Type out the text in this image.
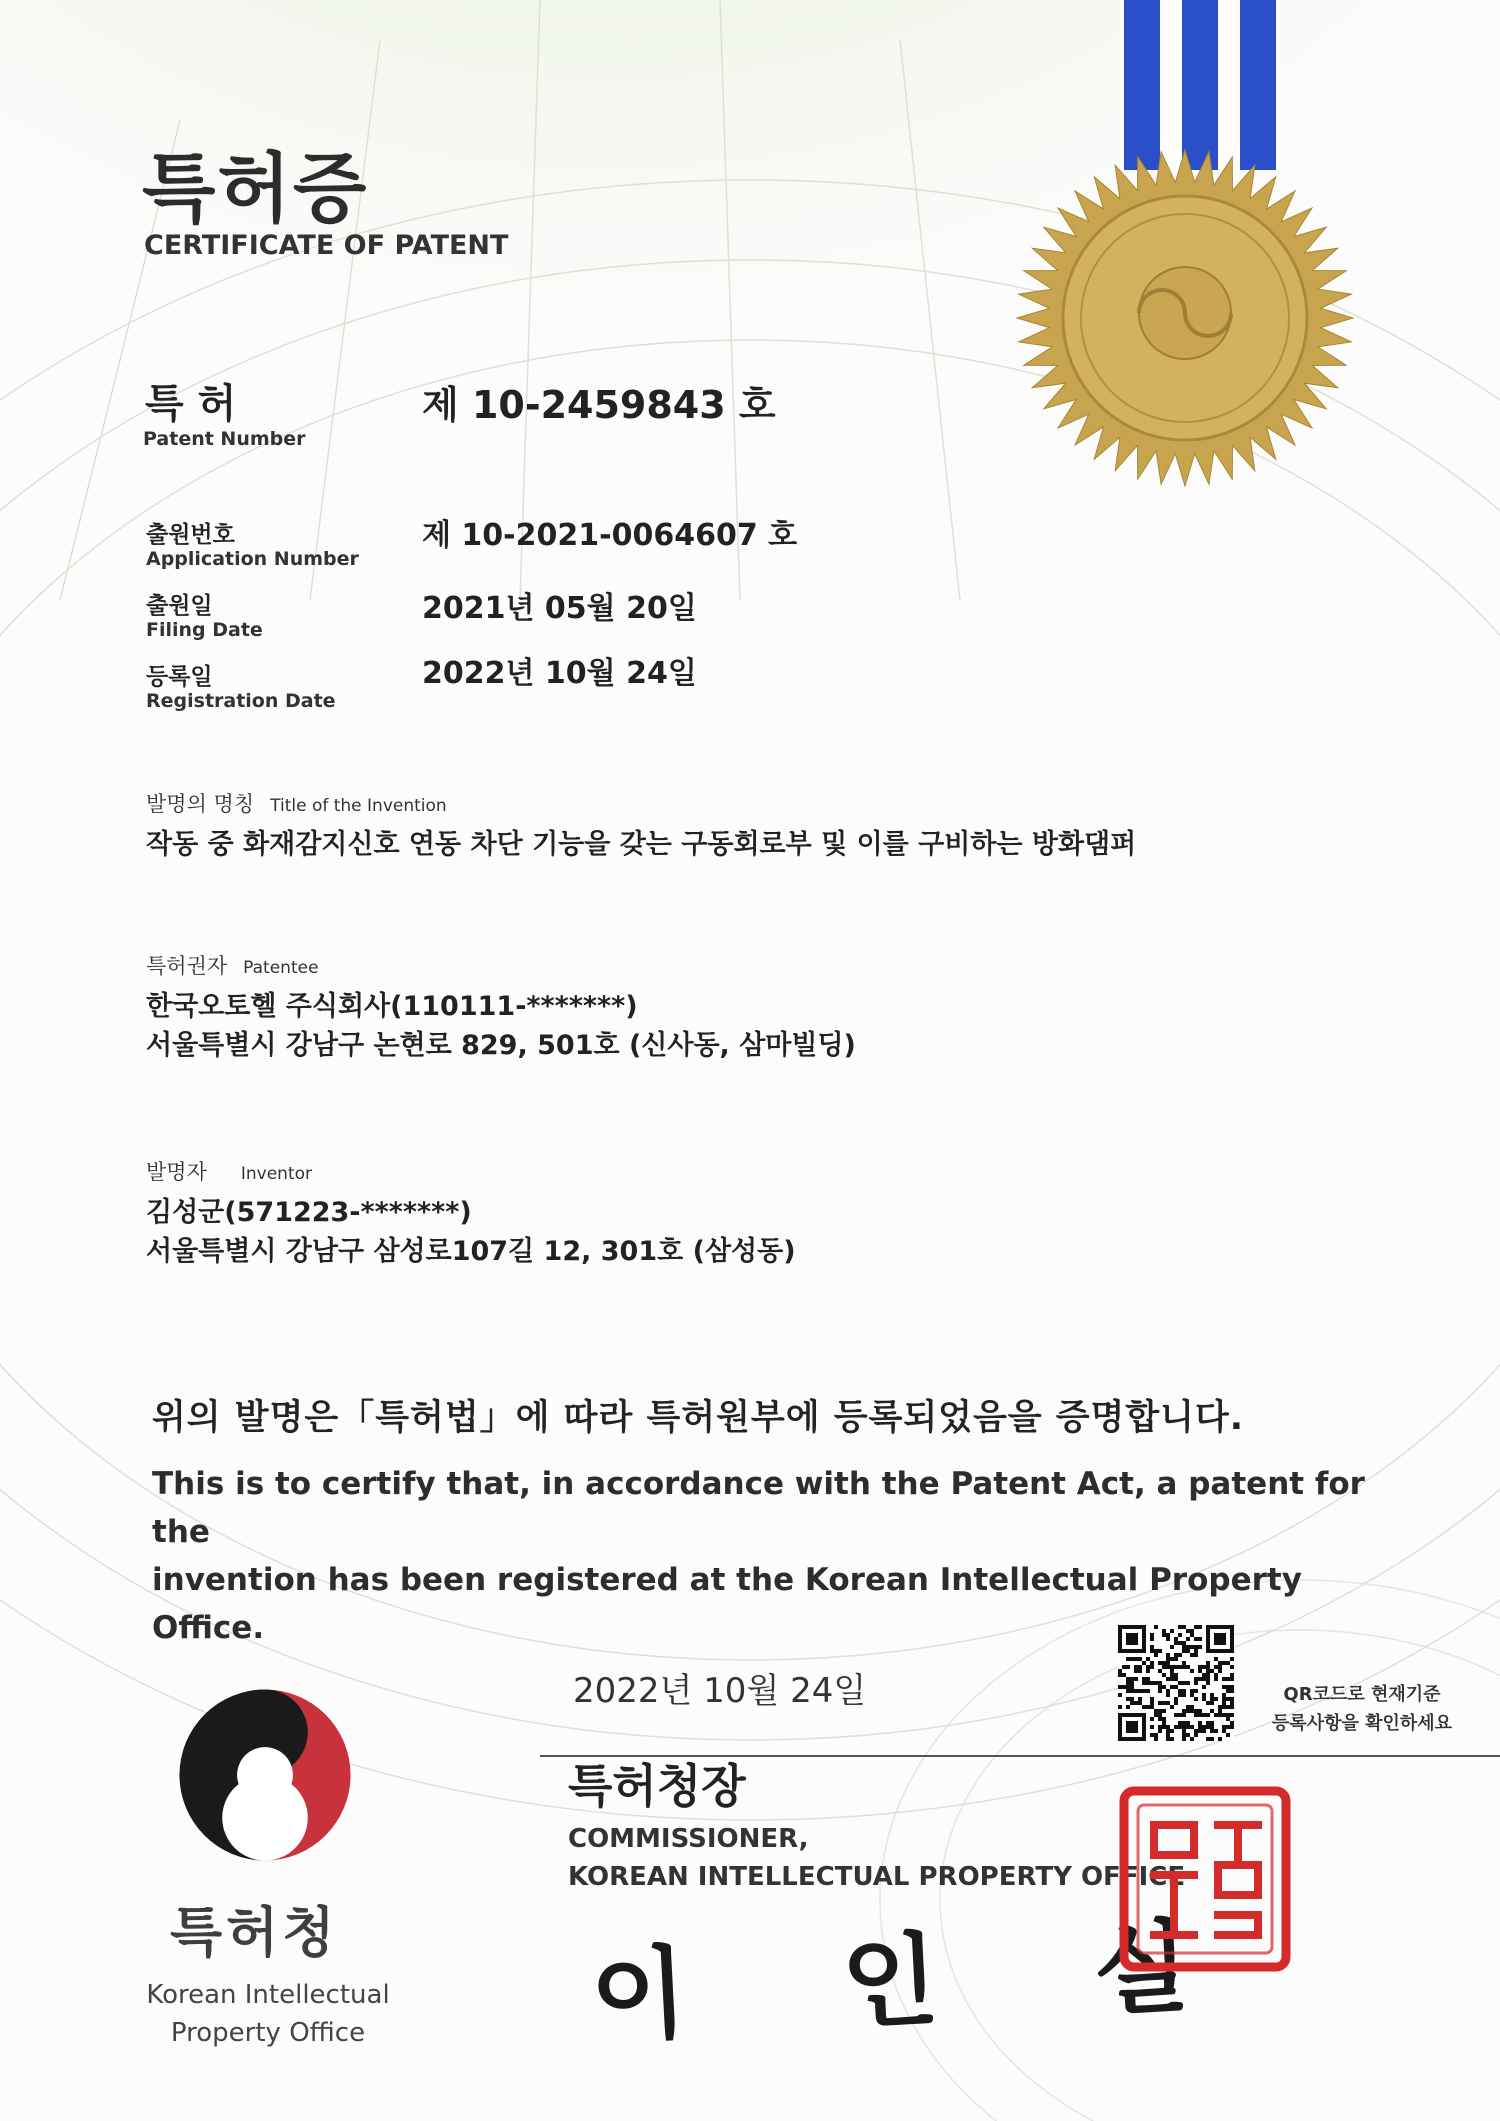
특허증
CERTIFICATE OF PATENT
특 허
Patent Number
제 10-2459843 호
출원번호
Application Number
제 10-2021-0064607 호
출원일
Filing Date
2021년 05월 20일
등록일
Registration Date
2022년 10월 24일
발명의 명칭 Title of the Invention
작동 중 화재감지신호 연동 차단 기능을 갖는 구동회로부 및 이를 구비하는 방화댐퍼
특허권자 Patentee
한국오토헬 주식회사(110111-*******)
서울특별시 강남구 논현로 829, 501호 (신사동, 삼마빌딩)
발명자 Inventor
김성군(571223-*******)
서울특별시 강남구 삼성로107길 12, 301호 (삼성동)
위의 발명은「특허법」에 따라 특허원부에 등록되었음을 증명합니다.
This is to certify that, in accordance with the Patent Act, a patent for the
invention has been registered at the Korean Intellectual Property Office.
2022년 10월 24일	QR코드로 현재기준
등록사항을 확인하세요
특허청장
COMMISSIONER,
KOREAN INTELLECTUAL PROPERTY OFFICE
이 인 실
특허청
Korean Intellectual
Property Office
